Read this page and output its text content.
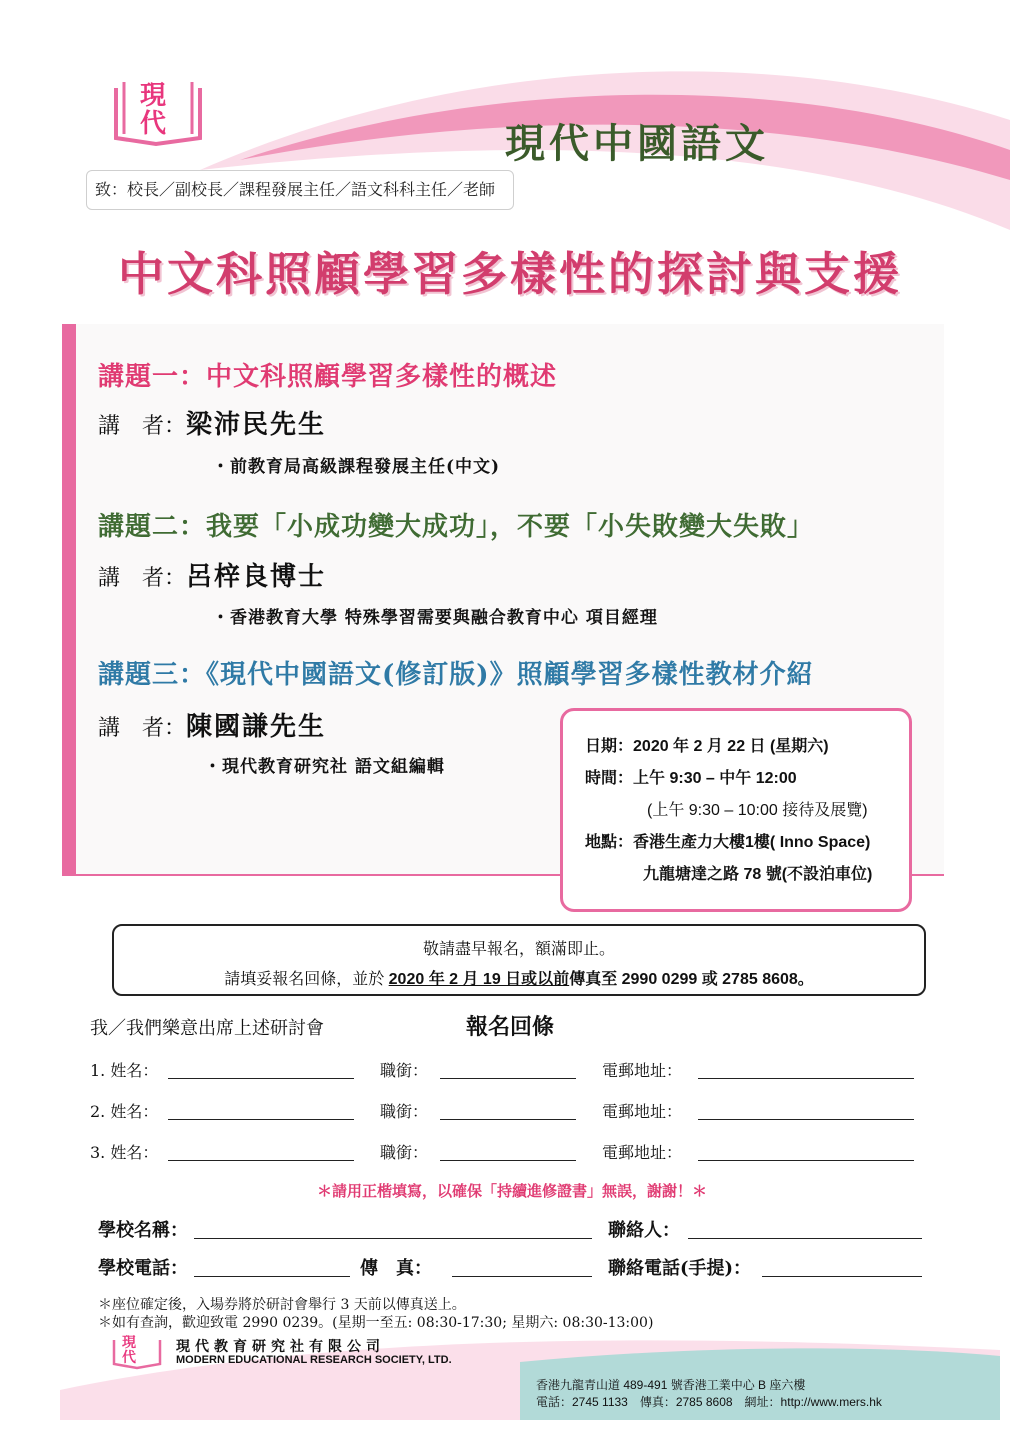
現
代	現代中國語文
致：校長／副校長／課程發展主任／語文科科主任／老師
中文科照顧學習多樣性的探討與支援
講題一：中文科照顧學習多樣性的概述
講　者：梁沛民先生
・前教育局高級課程發展主任(中文)
講題二：我要「小成功變大成功」，不要「小失敗變大失敗」
講　者：呂梓良博士
・香港教育大學 特殊學習需要與融合教育中心 項目經理
講題三：《現代中國語文(修訂版)》照顧學習多樣性教材介紹
講　者：陳國謙先生
・現代教育研究社 語文組編輯
日期：2020 年 2 月 22 日 (星期六)
時間：上午 9:30 – 中午 12:00
(上午 9:30 – 10:00 接待及展覽)
地點：香港生產力大樓1樓( Inno Space)
九龍塘達之路 78 號(不設泊車位)
敬請盡早報名，額滿即止。
請填妥報名回條，並於 2020 年 2 月 19 日或以前傳真至 2990 0299 或 2785 8608。
我／我們樂意出席上述研討會	報名回條
1. 姓名：	職銜：	電郵地址：
2. 姓名：	職銜：	電郵地址：
3. 姓名：	職銜：	電郵地址：
＊請用正楷填寫，以確保「持續進修證書」無誤，謝謝！＊
學校名稱：	聯絡人：
學校電話：	傳　真：	聯絡電話(手提)：
＊座位確定後，入場券將於研討會舉行 3 天前以傳真送上。
＊如有查詢，歡迎致電 2990 0239。(星期一至五: 08:30-17:30; 星期六: 08:30-13:00)
現
代
現代教育研究社有限公司
MODERN EDUCATIONAL RESEARCH SOCIETY, LTD.
香港九龍青山道 489-491 號香港工業中心 B 座六樓
電話：2745 1133　傳真：2785 8608　網址：http://www.mers.hk
